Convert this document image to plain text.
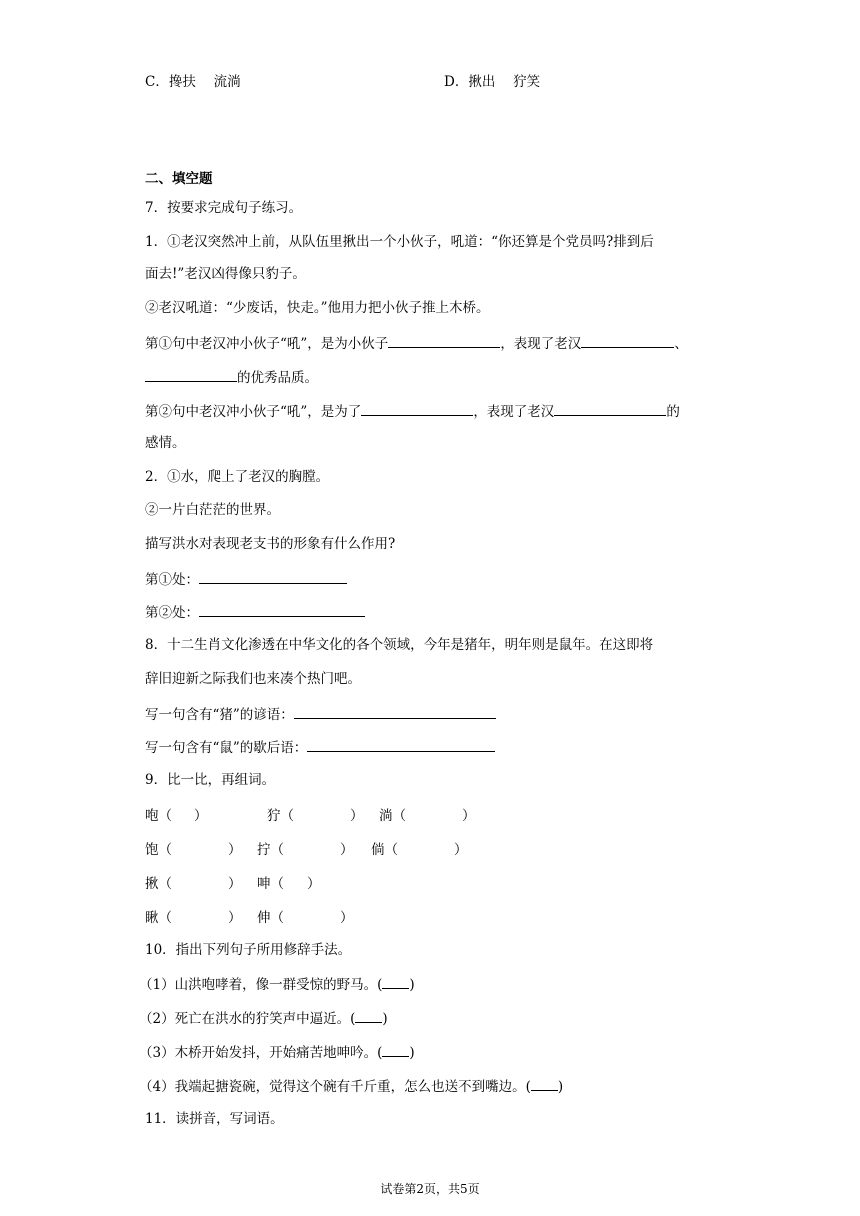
C．搀扶　 流淌	D．揪出　 狞笑
二、填空题
7．按要求完成句子练习。
1．①老汉突然冲上前，从队伍里揪出一个小伙子，吼道：“你还算是个党员吗?排到后
面去!”老汉凶得像只豹子。
②老汉吼道：“少废话，快走。”他用力把小伙子推上木桥。
第①句中老汉冲小伙子“吼”，是为小伙子	，表现了老汉	、
的优秀品质。
第②句中老汉冲小伙子“吼”，是为了	，表现了老汉	的
感情。
2．①水，爬上了老汉的胸膛。
②一片白茫茫的世界。
描写洪水对表现老支书的形象有什么作用?
第①处：
第②处：
8．十二生肖文化渗透在中华文化的各个领域，今年是猪年，明年则是鼠年。在这即将
辞旧迎新之际我们也来凑个热门吧。
写一句含有“猪”的谚语：
写一句含有“鼠”的歇后语：
9．比一比，再组词。
咆（ ）	狞（	） 淌（	）
饱（	） 拧（	） 倘（	）
揪（	） 呻（ ）
瞅（	） 伸（	）
10．指出下列句子所用修辞手法。
（1）山洪咆哮着，像一群受惊的野马。( )
（2）死亡在洪水的狞笑声中逼近。( )
（3）木桥开始发抖，开始痛苦地呻吟。( )
（4）我端起搪瓷碗，觉得这个碗有千斤重，怎么也送不到嘴边。( )
11．读拼音，写词语。
试卷第2页，共5页
